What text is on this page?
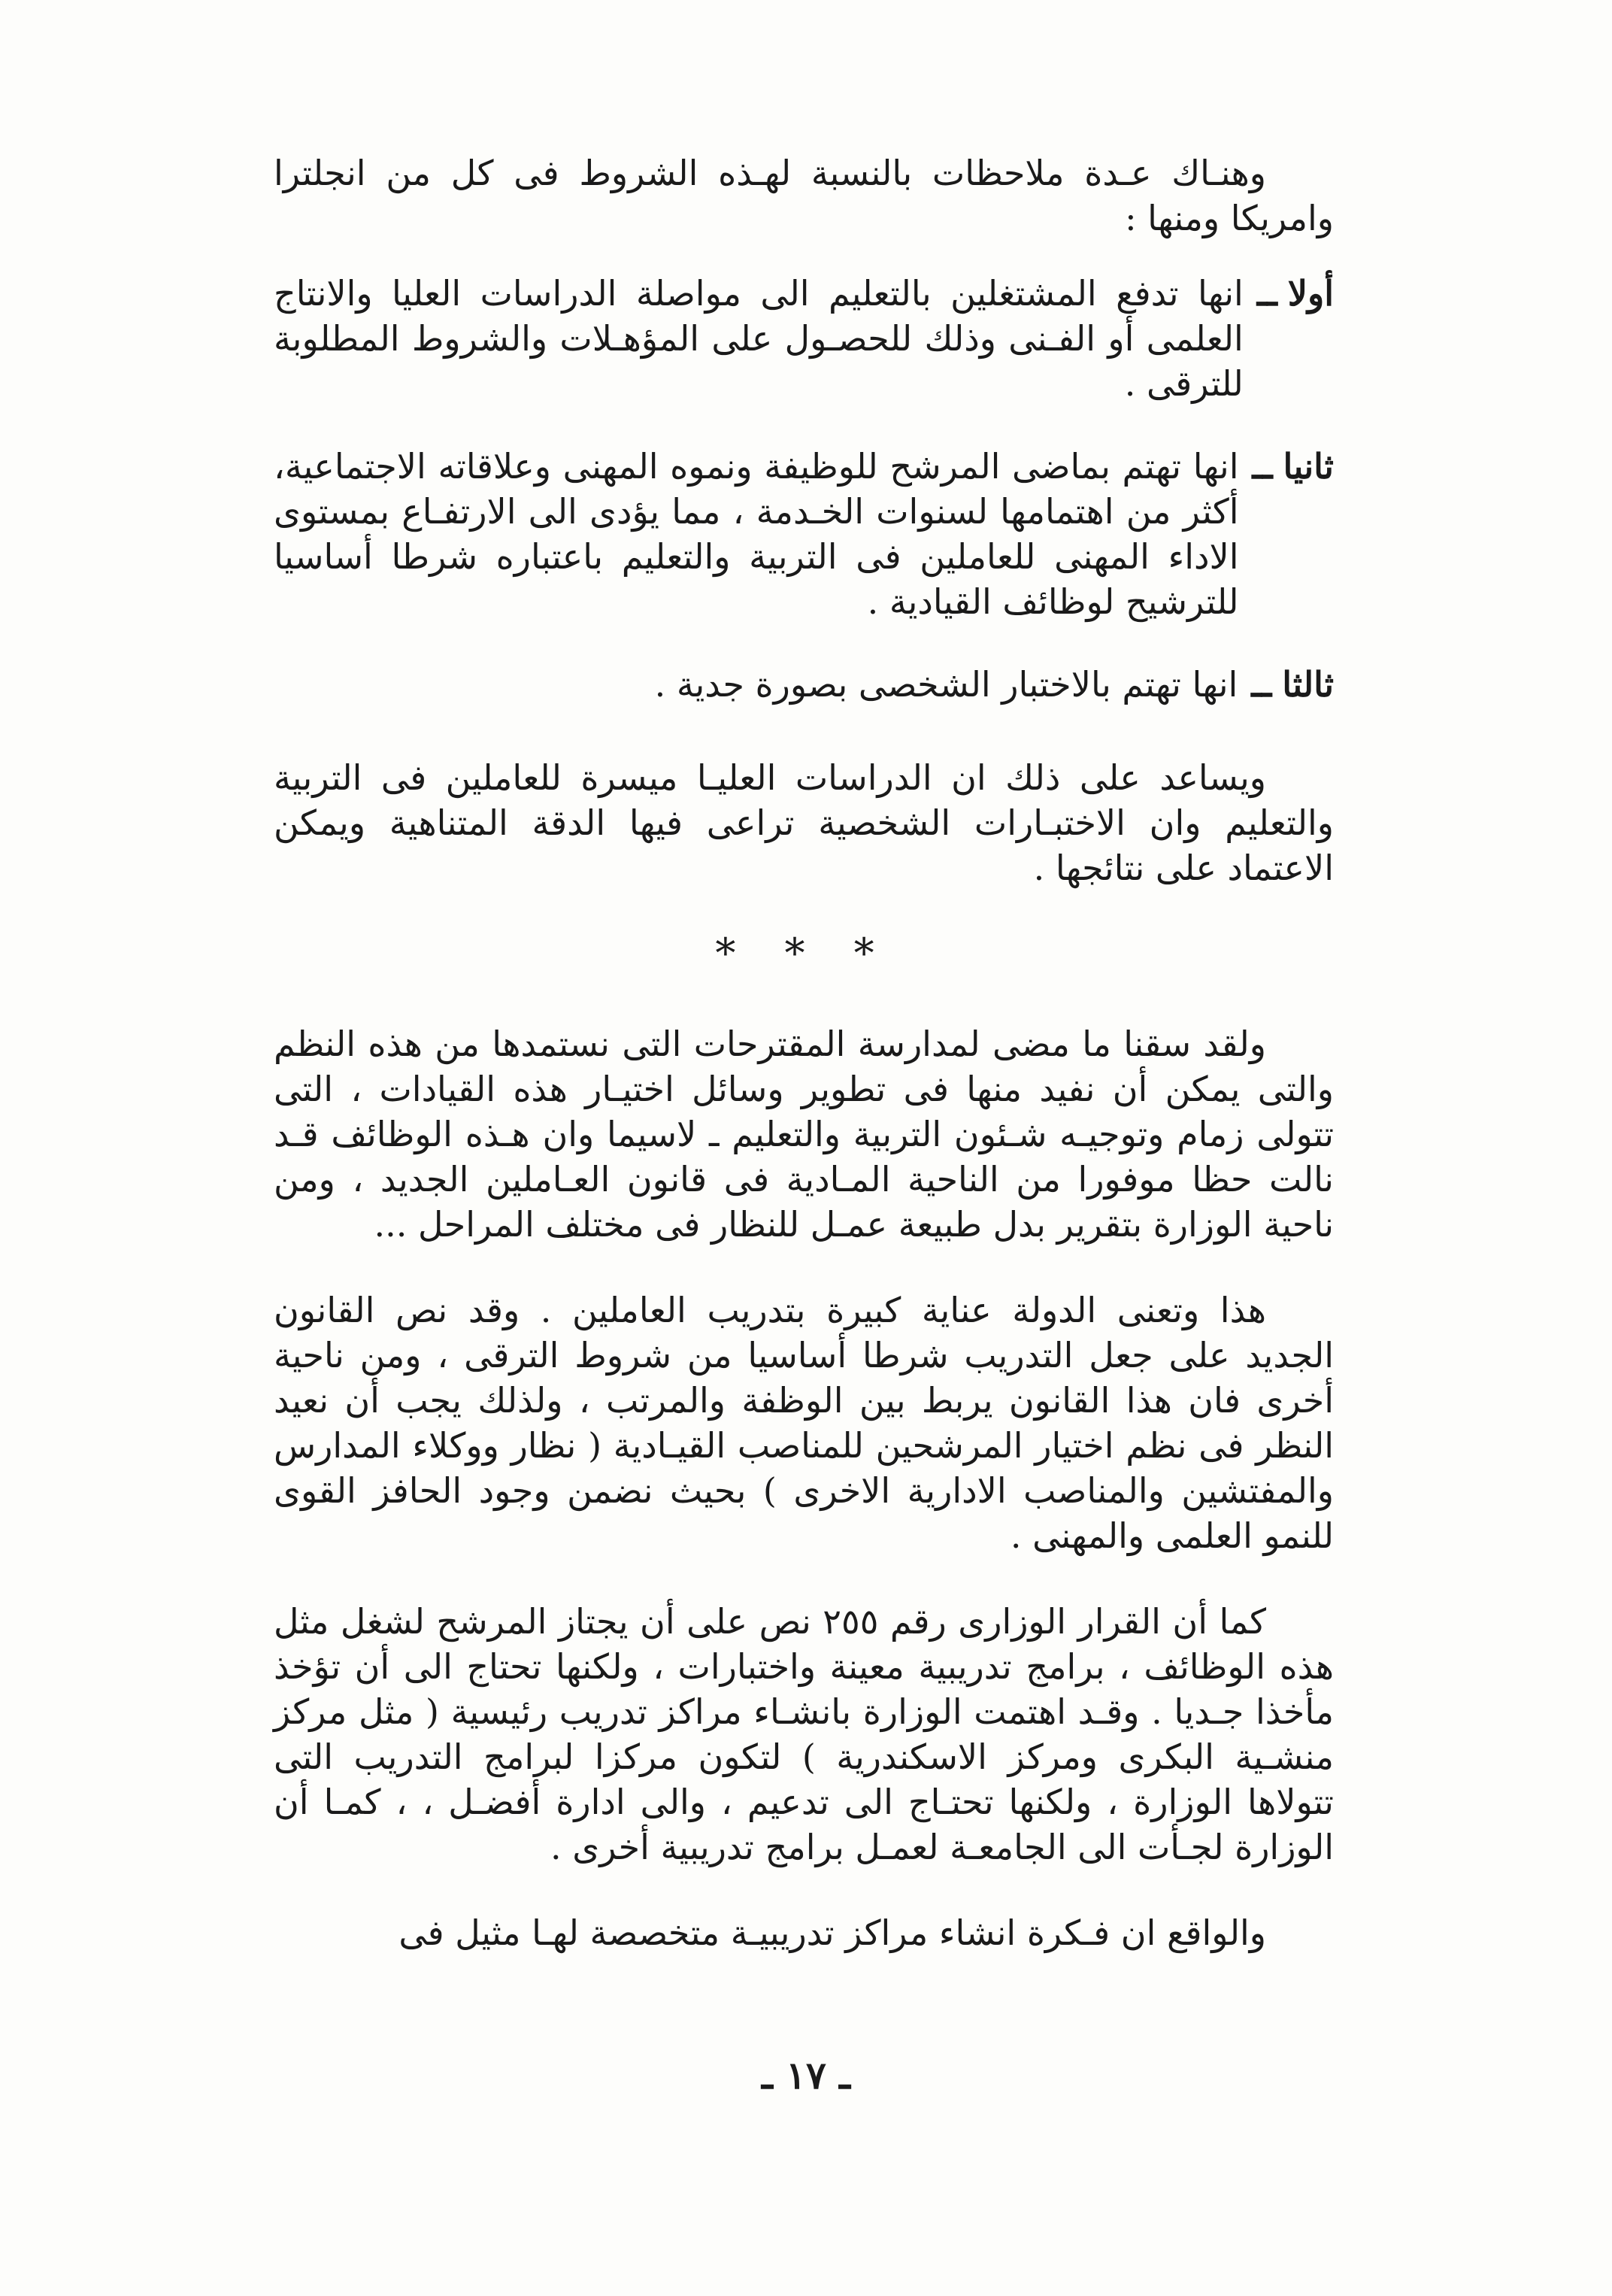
وهنـاك عـدة ملاحظات بالنسبة لهـذه الشروط فى كل من انجلترا وامريكا ومنها :

أولا
ــ
انها تدفع المشتغلين بالتعليم الى مواصلة الدراسات العليا والانتاج العلمى أو الفـنى وذلك للحصـول على المؤهـلات والشروط المطلوبة للترقى .
ثانيا
ــ
انها تهتم بماضى المرشح للوظيفة ونموه المهنى وعلاقاته الاجتماعية، أكثر من اهتمامها لسنوات الخـدمة ، مما يؤدى الى الارتفـاع بمستوى الاداء المهنى للعاملين فى التربية والتعليم باعتباره شرطا أساسيا للترشيح لوظائف القيادية .
ثالثا
ــ
انها تهتم بالاختبار الشخصى بصورة جدية .

ويساعد على ذلك ان الدراسات العليـا ميسرة للعاملين فى التربية والتعليم وان الاختبـارات الشخصية تراعى فيها الدقة المتناهية ويمكن الاعتماد على نتائجها .

* * *

ولقد سقنا ما مضى لمدارسة المقترحات التى نستمدها من هذه النظم والتى يمكن أن نفيد منها فى تطوير وسائل اختيـار هذه القيادات ، التى تتولى زمام وتوجيـه شـئون التربية والتعليم ـ لاسيما وان هـذه الوظائف قـد نالت حظا موفورا من الناحية المـادية فى قانون العـاملين الجديد ، ومن ناحية الوزارة بتقرير بدل طبيعة عمـل للنظار فى مختلف المراحل ...

هذا وتعنى الدولة عناية كبيرة بتدريب العاملين . وقد نص القانون الجديد على جعل التدريب شرطا أساسيا من شروط الترقى ، ومن ناحية أخرى فان هذا القانون يربط بين الوظفة والمرتب ، ولذلك يجب أن نعيد النظر فى نظم اختيار المرشحين للمناصب القيـادية ( نظار ووكلاء المدارس والمفتشين والمناصب الادارية الاخرى ) بحيث نضمن وجود الحافز القوى للنمو العلمى والمهنى .

كما أن القرار الوزارى رقم ٢٥٥ نص على أن يجتاز المرشح لشغل مثل هذه الوظائف ، برامج تدريبية معينة واختبارات ، ولكنها تحتاج الى أن تؤخذ مأخذا جـديا . وقـد اهتمت الوزارة بانشـاء مراكز تدريب رئيسية ( مثل مركز منشـية البكرى ومركز الاسكندرية ) لتكون مركزا لبرامج التدريب التى تتولاها الوزارة ، ولكنها تحتـاج الى تدعيم ، والى ادارة أفضـل ، ، كمـا أن الوزارة لجـأت الى الجامعـة لعمـل برامج تدريبية أخرى .

والواقع ان فـكرة انشاء مراكز تدريبيـة متخصصة لهـا مثيل فى

ـ ١٧ ـ
